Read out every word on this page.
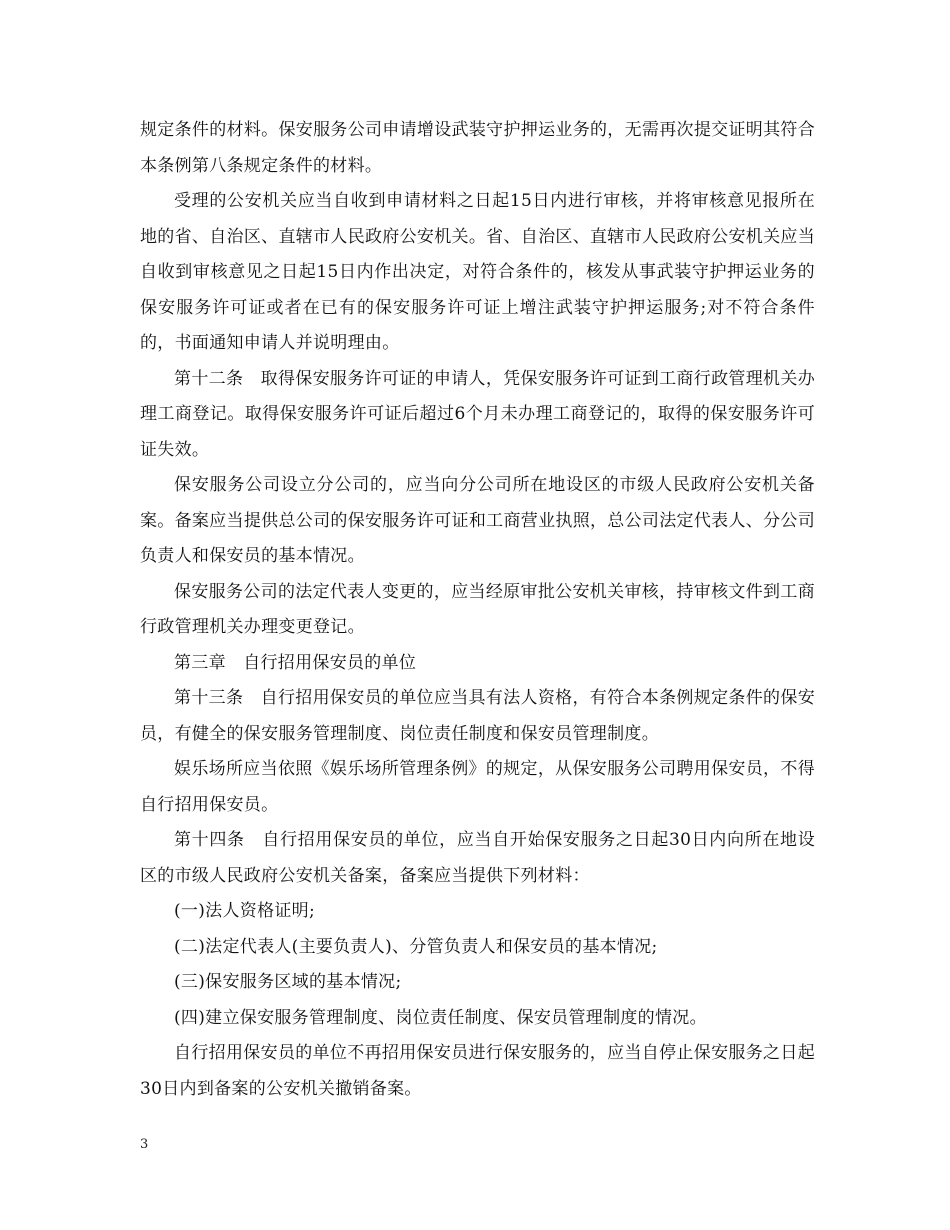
规定条件的材料。保安服务公司申请增设武装守护押运业务的，无需再次提交证明其符合本条例第八条规定条件的材料。

受理的公安机关应当自收到申请材料之日起15日内进行审核，并将审核意见报所在地的省、自治区、直辖市人民政府公安机关。省、自治区、直辖市人民政府公安机关应当自收到审核意见之日起15日内作出决定，对符合条件的，核发从事武装守护押运业务的保安服务许可证或者在已有的保安服务许可证上增注武装守护押运服务;对不符合条件的，书面通知申请人并说明理由。

第十二条　取得保安服务许可证的申请人，凭保安服务许可证到工商行政管理机关办理工商登记。取得保安服务许可证后超过6个月未办理工商登记的，取得的保安服务许可证失效。

保安服务公司设立分公司的，应当向分公司所在地设区的市级人民政府公安机关备案。备案应当提供总公司的保安服务许可证和工商营业执照，总公司法定代表人、分公司负责人和保安员的基本情况。

保安服务公司的法定代表人变更的，应当经原审批公安机关审核，持审核文件到工商行政管理机关办理变更登记。

第三章　自行招用保安员的单位

第十三条　自行招用保安员的单位应当具有法人资格，有符合本条例规定条件的保安员，有健全的保安服务管理制度、岗位责任制度和保安员管理制度。

娱乐场所应当依照《娱乐场所管理条例》的规定，从保安服务公司聘用保安员，不得自行招用保安员。

第十四条　自行招用保安员的单位，应当自开始保安服务之日起30日内向所在地设区的市级人民政府公安机关备案，备案应当提供下列材料：

(一)法人资格证明;

(二)法定代表人(主要负责人)、分管负责人和保安员的基本情况;

(三)保安服务区域的基本情况;

(四)建立保安服务管理制度、岗位责任制度、保安员管理制度的情况。

自行招用保安员的单位不再招用保安员进行保安服务的，应当自停止保安服务之日起30日内到备案的公安机关撤销备案。

3
